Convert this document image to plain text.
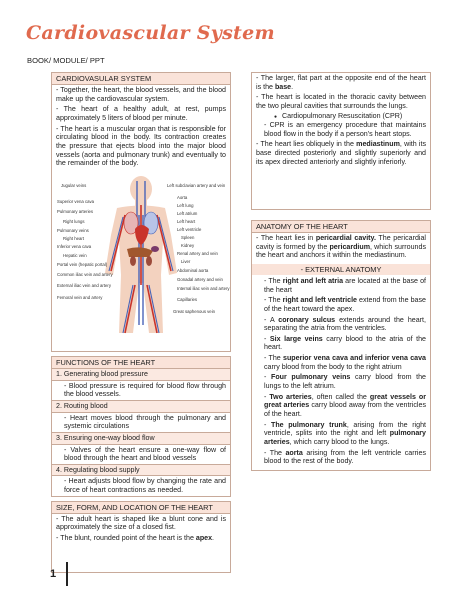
Cardiovascular System
BOOK/ MODULE/ PPT
CARDIOVASULAR SYSTEM
- Together, the heart, the blood vessels, and the blood make up the cardiovascular system.
- The heart of a healthy adult, at rest, pumps approximately 5 liters of blood per minute.
- The heart is a muscular organ that is responsible for circulating blood in the body. Its contraction creates the pressure that ejects blood into the major blood vessels (aorta and pulmonary trunk) and eventually to the remainder of the body.
Jugular veins
Superior vena cava
Pulmonary arteries
Right lungs
Pulmonary veins
Right heart
Inferior vena cava
Hepatic vein
Portal vein (hepatic portal)
Common iliac vein and artery
External iliac vein and artery
Femoral vein and artery
Left subclavian artery and vein
Aorta
Left lung
Left atrium
Left heart
Left ventricle
Spleen
Kidney
Renal artery and vein
Liver
Abdominal aorta
Gonadal artery and vein
Internal iliac vein and artery
Capillaries
Great saphenous vein
FUNCTIONS OF THE HEART
1. Generating blood pressure
- Blood pressure is required for blood flow through the blood vessels.
2. Routing blood
- Heart moves blood through the pulmonary and systemic circulations
3. Ensuring one-way blood flow
- Valves of the heart ensure a one-way flow of blood through the heart and blood vessels
4. Regulating blood supply
- Heart adjusts blood flow by changing the rate and force of heart contractions as needed.
SIZE, FORM, AND LOCATION OF THE HEART
- The adult heart is shaped like a blunt cone and is approximately the size of a closed fist.
- The blunt, rounded point of the heart is the apex.
- The larger, flat part at the opposite end of the heart is the base.
- The heart is located in the thoracic cavity between the two pleural cavities that surrounds the lungs.
● Cardiopulmonary Resuscitation (CPR)
- CPR is an emergency procedure that maintains blood flow in the body if a person's heart stops.
- The heart lies obliquely in the mediastinum, with its base directed posteriorly and slightly superiorly and its apex directed anteriorly and slightly inferiorly.
ANATOMY OF THE HEART
- The heart lies in pericardial cavity. The pericardial cavity is formed by the pericardium, which surrounds the heart and anchors it within the mediastinum.
- EXTERNAL ANATOMY
- The right and left atria are located at the base of the heart
- The right and left ventricle extend from the base of the heart toward the apex.
- A coronary sulcus extends around the heart, separating the atria from the ventricles.
- Six large veins carry blood to the atria of the heart.
- The superior vena cava and inferior vena cava carry blood from the body to the right atrium
- Four pulmonary veins carry blood from the lungs to the left atrium.
- Two arteries, often called the great vessels or great arteries carry blood away from the ventricles of the heart.
- The pulmonary trunk, arising from the right ventricle, splits into the right and left pulmonary arteries, which carry blood to the lungs.
- The aorta arising from the left ventricle carries blood to the rest of the body.
1
